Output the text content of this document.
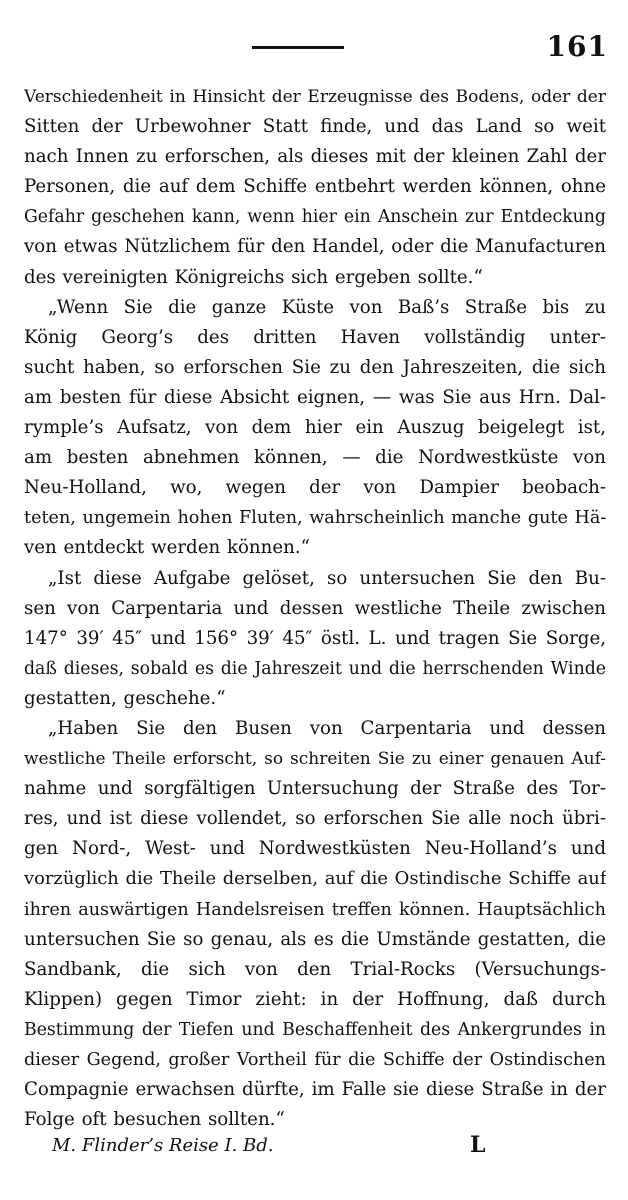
161
Verschiedenheit in Hinsicht der Erzeugnisse des Bodens, oder der
Sitten der Urbewohner Statt finde, und das Land so weit
nach Innen zu erforschen, als dieses mit der kleinen Zahl der
Personen, die auf dem Schiffe entbehrt werden können, ohne
Gefahr geschehen kann, wenn hier ein Anschein zur Entdeckung
von etwas Nützlichem für den Handel, oder die Manufacturen
des vereinigten Königreichs sich ergeben sollte.“
„Wenn Sie die ganze Küste von Baß’s Straße bis zu
König Georg’s des dritten Haven vollständig unter-
sucht haben, so erforschen Sie zu den Jahreszeiten, die sich
am besten für diese Absicht eignen, — was Sie aus Hrn. Dal-
rymple’s Aufsatz, von dem hier ein Auszug beigelegt ist,
am besten abnehmen können, — die Nordwestküste von
Neu-Holland, wo, wegen der von Dampier beobach-
teten, ungemein hohen Fluten, wahrscheinlich manche gute Hä-
ven entdeckt werden können.“
„Ist diese Aufgabe gelöset, so untersuchen Sie den Bu-
sen von Carpentaria und dessen westliche Theile zwischen
147° 39′ 45″ und 156° 39′ 45″ östl. L. und tragen Sie Sorge,
daß dieses, sobald es die Jahreszeit und die herrschenden Winde
gestatten, geschehe.“
„Haben Sie den Busen von Carpentaria und dessen
westliche Theile erforscht, so schreiten Sie zu einer genauen Auf-
nahme und sorgfältigen Untersuchung der Straße des Tor-
res, und ist diese vollendet, so erforschen Sie alle noch übri-
gen Nord-, West- und Nordwestküsten Neu-Holland’s und
vorzüglich die Theile derselben, auf die Ostindische Schiffe auf
ihren auswärtigen Handelsreisen treffen können. Hauptsächlich
untersuchen Sie so genau, als es die Umstände gestatten, die
Sandbank, die sich von den Trial-Rocks (Versuchungs-
Klippen) gegen Timor zieht: in der Hoffnung, daß durch
Bestimmung der Tiefen und Beschaffenheit des Ankergrundes in
dieser Gegend, großer Vortheil für die Schiffe der Ostindischen
Compagnie erwachsen dürfte, im Falle sie diese Straße in der
Folge oft besuchen sollten.“
M. Flinder’s Reise I. Bd.	L
